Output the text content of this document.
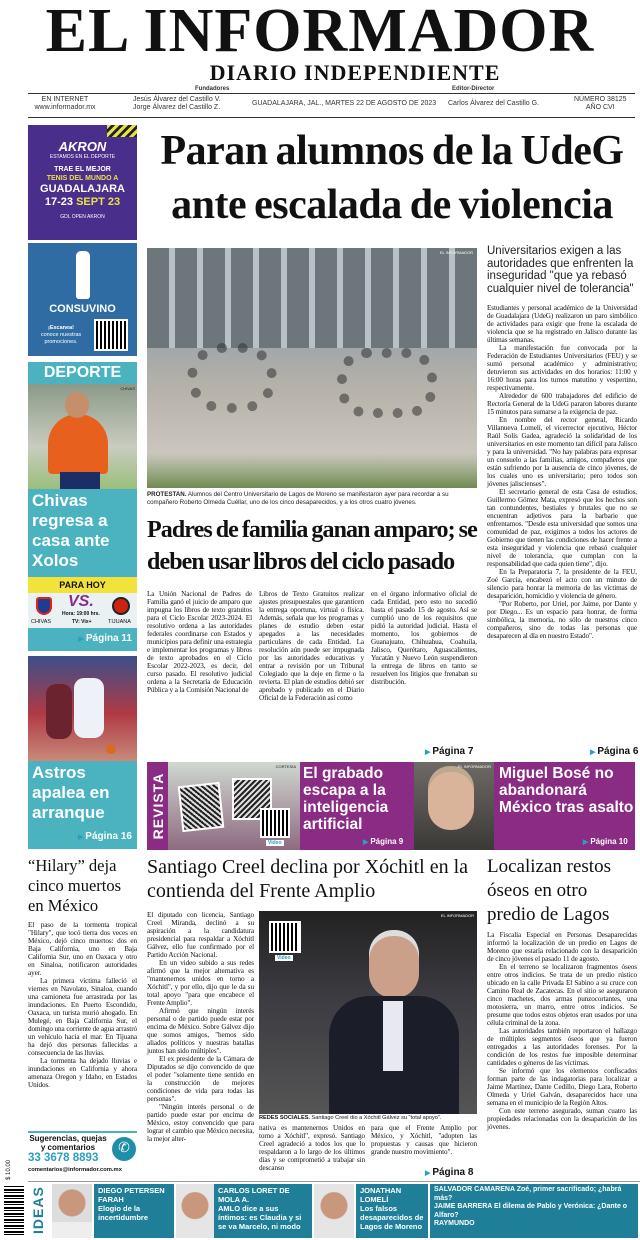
EL INFORMADOR
DIARIO INDEPENDIENTE
Fundadores	Editor-Director
EN INTERNET
www.informador.mx
Jesús Álvarez del Castillo V.
Jorge Álvarez del Castillo Z.
GUADALAJARA, JAL., MARTES 22 DE AGOSTO DE 2023 Carlos Álvarez del Castillo G.
NÚMERO 38125
AÑO CVI
AKRON
ESTAMOS EN EL DEPORTE
TRAE EL MEJOR
TENIS DEL MUNDO A
GUADALAJARA
17-23 SEPT 23
GDL OPEN AKRON
CONSUVINO
¡Escanea!
conoce nuestras promociones.
DEPORTE
CHIVAS
Chivas regresa a casa ante Xolos
PARA HOY
CHIVAS
VS.
Hora: 19:00 hrs.
TV: Vix+	TIJUANA
▶ Página 11
Astros apalea en arranque
▶ Página 16
Paran alumnos de la UdeG ante escalada de violencia
EL INFORMADOR
PROTESTAN. Alumnos del Centro Universitario de Lagos de Moreno se manifestaron ayer para recordar a su compañero Roberto Olmeda Cuéllar, uno de los cinco desaparecidos, y a los otros cuatro jóvenes.
Universitarios exigen a las autoridades que enfrenten la inseguridad "que ya rebasó cualquier nivel de tolerancia"

Estudiantes y personal académico de la Universidad de Guadalajara (UdeG) realizaron un paro simbólico de actividades para exigir que frene la escalada de violencia que se ha registrado en Jalisco durante las últimas semanas.

La manifestación fue convocada por la Federación de Estudiantes Universitarios (FEU) y se sumó personal académico y administrativo; detuvieron sus actividades en dos horarios: 11:00 y 16:00 horas para los turnos matutino y vespertino, respectivamente.

Alrededor de 600 trabajadores del edificio de Rectoría General de la UdeG pararon labores durante 15 minutos para sumarse a la exigencia de paz.

En nombre del rector general, Ricardo Villanueva Lomelí, el vicerrector ejecutivo, Héctor Raúl Solís Gadea, agradeció la solidaridad de los universitarios en este momento tan difícil para Jalisco y para la universidad. "No hay palabras para expresar un consuelo a las familias, amigos, compañeros que están sufriendo por la ausencia de cinco jóvenes, de los cuales uno es universitario; pero todos son jóvenes jaliscienses".

El secretario general de esta Casa de estudios, Guillermo Gómez Mata, expresó que los hechos son tan contundentes, bestiales y brutales que no se encuentran adjetivos para la barbarie que enfrentamos. "Desde esta universidad que somos una comunidad de paz, exigimos a todos los actores de Gobierno que tienen las condiciones de hacer frente a esta inseguridad y violencia que rebasó cualquier nivel de tolerancia, que cumplan con la responsabilidad que cada quien tiene", dijo.

En la Preparatoria 7, la presidente de la FEU, Zoé García, encabezó el acto con un minuto de silencio para honrar la memoria de las víctimas de desaparición, homicidio y violencia de género.

"Por Roberto, por Uriel, por Jaime, por Dante y por Diego... Es un espacio para honrar, de forma simbólica, la memoria, no sólo de nuestros cinco compañeros, sino de todas las personas que desaparecen al día en nuestro Estado".

▶ Página 6
Padres de familia ganan amparo; se deben usar libros del ciclo pasado
La Unión Nacional de Padres de Familia ganó el juicio de amparo que impugna los libros de texto gratuitos para el Ciclo Escolar 2023-2024. El resolutivo ordena a las autoridades federales coordinarse con Estados y municipios para definir una estrategia e implementar los programas y libros de texto aprobados en el Ciclo Escolar 2022-2023, es decir, del curso pasado. El resolutivo judicial ordena a la Secretaría de Educación Pública y a la Comisión Nacional de
Libros de Texto Gratuitos realizar ajustes presupuestales que garanticen la entrega oportuna, virtual o física. Además, señala que los programas y planes de estudio deben estar apegados a las necesidades particulares de cada Entidad. La resolución aún puede ser impugnada por las autoridades educativas y entrar a revisión por un Tribunal Colegiado que la deje en firme o la revierta. El plan de estudios debió ser aprobado y publicado en el Diario Oficial de la Federación así como
en el órgano informativo oficial de cada Entidad, pero esto no sucedió hasta el pasado 15 de agosto. Así se cumplió uno de los requisitos que pidió la autoridad judicial. Hasta el momento, los gobiernos de Guanajuato, Chihuahua, Coahuila, Jalisco, Querétaro, Aguascalientes, Yucatán y Nuevo León suspendieron la entrega de libros en tanto se resuelven los litigios que frenaban su distribución.
▶ Página 7
REVISTA
Video
CORTESÍA El grabado escapa a la inteligencia artificial
▶ Página 9
EL INFORMADOR Miguel Bosé no abandonará México tras asalto
▶ Página 10
“Hilary” deja cinco muertos en México

El paso de la tormenta tropical "Hilary", que tocó tierra dos veces en México, dejó cinco muertos: dos en Baja California, uno en Baja California Sur, uno en Oaxaca y otro en Sinaloa, notificaron autoridades ayer.

La primera víctima falleció el viernes en Navolato, Sinaloa, cuando una camioneta fue arrastrada por las inundaciones. En Puerto Escondido, Oaxaca, un turista murió ahogado. En Mulegé, en Baja California Sur, el domingo una corriente de agua arrastró un vehículo hacia el mar. En Tijuana ha dejó dos personas fallecidas a consecuencia de las lluvias.

La tormenta ha dejado lluvias e inundaciones en California y ahora amenaza Oregon y Idaho, en Estados Unidos.

Sugerencias, quejas y comentarios
33 3678 8893
comentarios@informador.com.mx
✆
$ 10.00
Santiago Creel declina por Xóchitl en la contienda del Frente Amplio

El diputado con licencia, Santiago Creel Miranda, declinó a su aspiración a la candidatura presidencial para respaldar a Xóchitl Gálvez, ello fue confirmado por el Partido Acción Nacional.

En un video subido a sus redes afirmó que la mejor alternativa es "mantenernos unidos en torno a Xóchitl", y por ello, dijo que le da su total apoyo "para que encabece el Frente Amplio".

Afirmó que ningún interés personal o de partido puede estar por encima de México. Sobre Gálvez dijo que somos amigos, "hemos sido aliados políticos y nuestras batallas juntos han sido múltiples".

El ex presidente de la Cámara de Diputados se dijo convencido de que el poder "solamente tiene sentido en la construcción de mejores condiciones de vida para todas las personas".

"Ningún interés personal o de partido puede estar por encima de México, estoy convencido que para lograr el cambio que México necesita, la mejor alter-

Video
EL INFORMADOR
REDES SOCIALES. Santiago Creel dio a Xóchitl Gálvez su "total apoyo".
nativa es mantenernos Unidos en torno a Xóchitl", expresó. Santiago Creel agradeció a todos los que lo respaldaron a lo largo de los últimos días y se comprometió a trabajar sin descanso
para que el Frente Amplio por México, y Xóchitl, "adopten las propuestas y causas que hicieron grande nuestro movimiento".
▶ Página 8
Localizan restos óseos en otro predio de Lagos

La Fiscalía Especial en Personas Desaparecidas informó la localización de un predio en Lagos de Moreno que estaría relacionado con la desaparición de cinco jóvenes el pasado 11 de agosto.

En el terreno se localizaron fragmentos óseos entre otros indicios. Se trata de un predio rústico ubicado en la calle Privada El Sabino a su cruce con Camino Real de Zacatecas. En el sitio se aseguraron cinco machetes, dos armas punzocortantes, una motosierra, un marro, entre otros indicios. Se presume que todos estos objetos eran usados por una célula criminal de la zona.

Las autoridades también reportaron el hallazgo de múltiples segmentos óseos que ya fueron entregados a las autoridades forenses. Por la condición de los restos fue imposible determinar cantidades o géneros de las víctimas.

Se informó que los elementos confiscados forman parte de las indagatorias para localizar a Jaime Martínez, Dante Cedillo, Diego Lara, Roberto Olmeda y Uriel Galván, desaparecidos hace una semana en el municipio de la Región Altos.

Con este terreno asegurado, suman cuatro las propiedades relacionadas con la desaparición de los jóvenes.

IDEAS	DIEGO PETERSEN FARAH
Elogio de la incertidumbre
CARLOS LORET DE MOLA A.
AMLO dice a sus íntimos: es Claudia y si se va Marcelo, ni modo
JONATHAN LOMELÍ
Los falsos desaparecidos de Lagos de Moreno
SALVADOR CAMARENA Zoé, primer sacrificado; ¿habrá más?
JAIME BARRERA El dilema de Pablo y Verónica: ¿Dante o Alfaro?
RAYMUNDO
